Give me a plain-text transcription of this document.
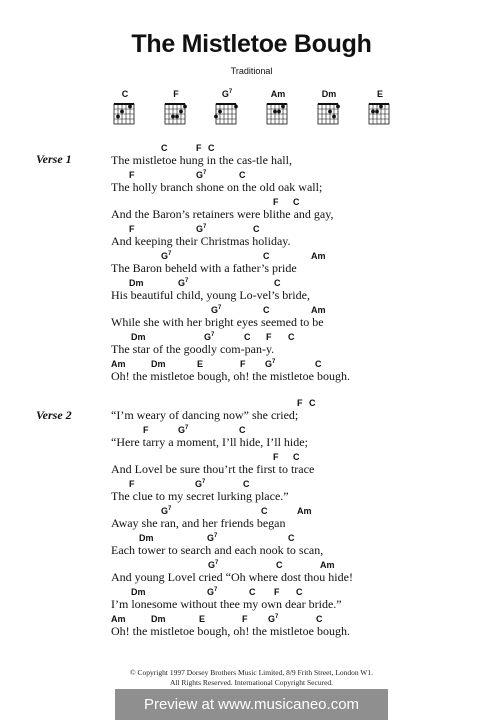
The Mistletoe Bough
Traditional
C	F	$G^7$	Am	Dm	E
Verse 1
C	F C
The mistletoe hung in the cas-tle hall,
F	$G^7$	C
The holly branch shone on the old oak wall;
F C
And the Baron’s retainers were blithe and gay,
F	$G^7$	C
And keeping their Christmas holiday.
$G^7$	C	Am
The Baron beheld with a father’s pride
Dm	$G^7$	C
His beautiful child, young Lo-vel’s bride,
$G^7$	C	Am
While she with her bright eyes seemed to be
Dm	$G^7$	C F C
The star of the goodly com-pan-y.
Am	Dm	E	F $G^7$	C
Oh! the mistletoe bough, oh! the mistletoe bough.
Verse 2
F C
“I’m weary of dancing now” she cried;
F	$G^7$	C
“Here tarry a moment, I’ll hide, I’ll hide;
F C
And Lovel be sure thou’rt the first to trace
F	$G^7$	C
The clue to my secret lurking place.”
$G^7$	C	Am
Away she ran, and her friends began
Dm	$G^7$	C
Each tower to search and each nook to scan,
$G^7$	C	Am
And young Lovel cried “Oh where dost thou hide!
Dm	$G^7$	C F C
I’m lonesome without thee my own dear bride.”
Am	Dm	E	F $G^7$	C
Oh! the mistletoe bough, oh! the mistletoe bough.
© Copyright 1997 Dorsey Brothers Music Limited, 8/9 Frith Street, London W1.
All Rights Reserved. International Copyright Secured.
Preview at www.musicaneo.com
